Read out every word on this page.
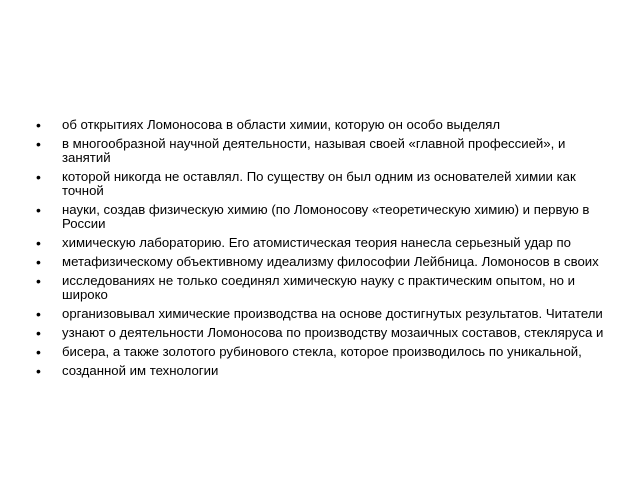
• об открытиях Ломоносова в области химии, которую он особо выделял
• в многообразной научной деятельности, называя своей «главной профессией», и занятий
• которой никогда не оставлял. По существу он был одним из основателей химии как точной
• науки, создав физическую химию (по Ломоносову «теоретическую химию) и первую в России
• химическую лабораторию. Его атомистическая теория нанесла серьезный удар по
• метафизическому объективному идеализму философии Лейбница. Ломоносов в своих
• исследованиях не только соединял химическую науку с практическим опытом, но и широко
• организовывал химические производства на основе достигнутых результатов. Читатели
• узнают о деятельности Ломоносова по производству мозаичных составов, стекляруса и
• бисера, а также золотого рубинового стекла, которое производилось по уникальной,
• созданной им технологии
